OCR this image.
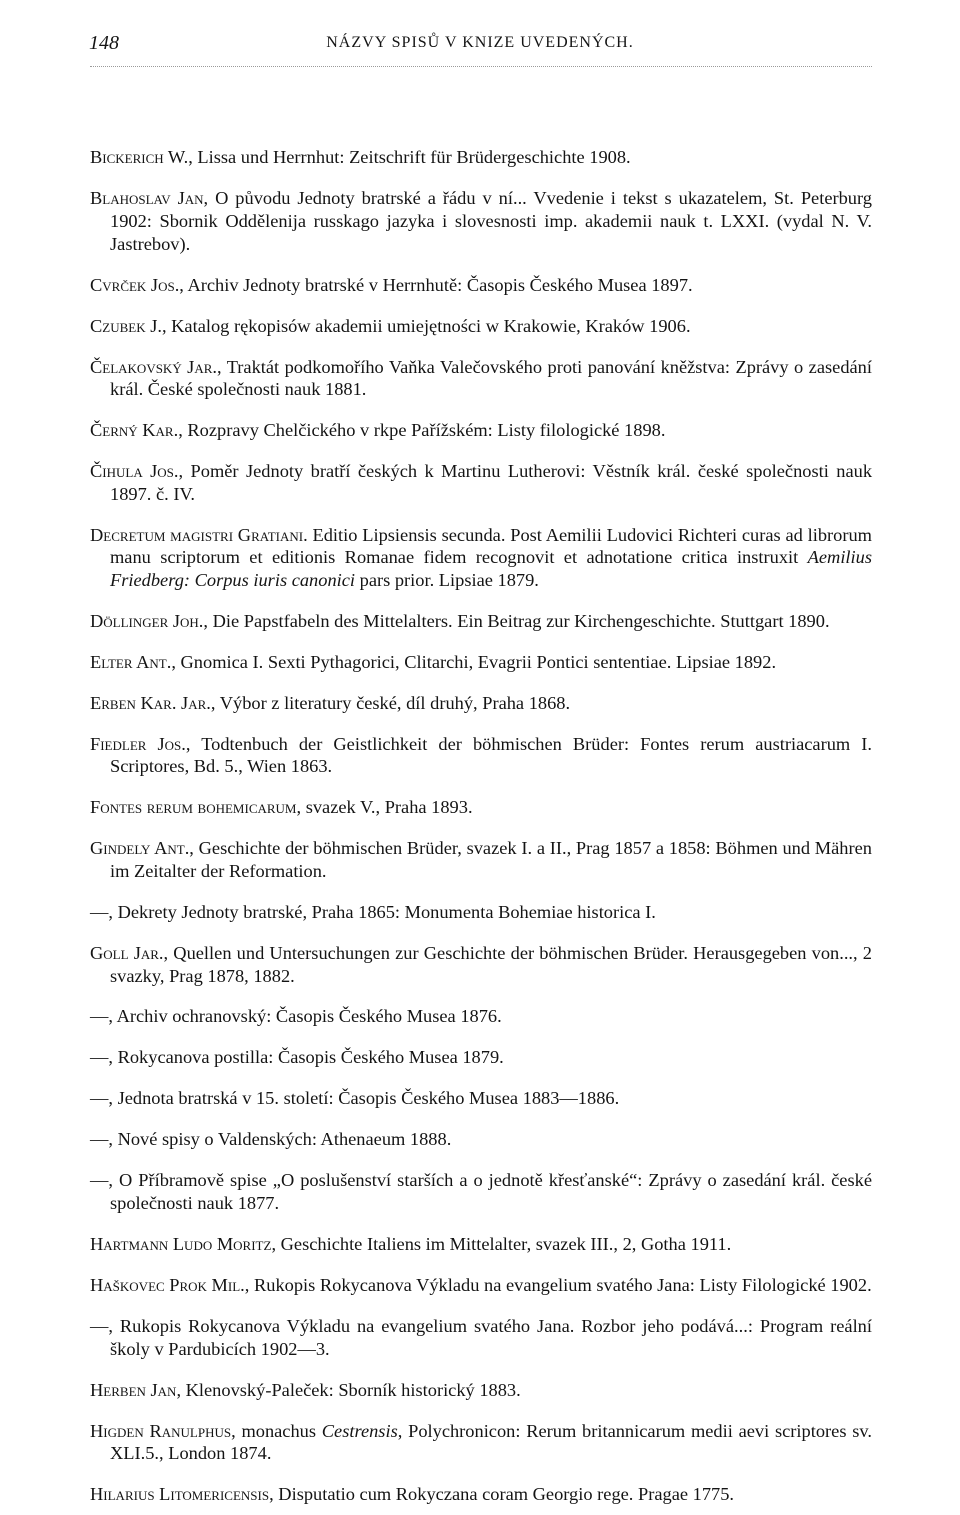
148	NÁZVY SPISŮ V KNIZE UVEDENÝCH.

Bickerich W., Lissa und Herrnhut: Zeitschrift für Brüdergeschichte 1908.

Blahoslav Jan, O původu Jednoty bratrské a řádu v ní... Vvedenie i tekst s ukazatelem, St. Peterburg 1902: Sbornik Oddělenija russkago jazyka i slovesnosti imp. akademii nauk t. LXXI. (vydal N. V. Jastrebov).

Cvrček Jos., Archiv Jednoty bratrské v Herrnhutě: Časopis Českého Musea 1897.

Czubek J., Katalog rękopisów akademii umiejętności w Krakowie, Kraków 1906.

Čelakovský Jar., Traktát podkomořího Vaňka Valečovského proti panování kněžstva: Zprávy o zasedání král. České společnosti nauk 1881.

Černý Kar., Rozpravy Chelčického v rkpe Pařížském: Listy filologické 1898.

Čihula Jos., Poměr Jednoty bratří českých k Martinu Lutherovi: Věstník král. české společnosti nauk 1897. č. IV.

Decretum magistri Gratiani. Editio Lipsiensis secunda. Post Aemilii Ludovici Richteri curas ad librorum manu scriptorum et editionis Romanae fidem recognovit et adnotatione critica instruxit Aemilius Friedberg: Corpus iuris canonici pars prior. Lipsiae 1879.

Döllinger Joh., Die Papstfabeln des Mittelalters. Ein Beitrag zur Kirchengeschichte. Stuttgart 1890.

Elter Ant., Gnomica I. Sexti Pythagorici, Clitarchi, Evagrii Pontici sententiae. Lipsiae 1892.

Erben Kar. Jar., Výbor z literatury české, díl druhý, Praha 1868.

Fiedler Jos., Todtenbuch der Geistlichkeit der böhmischen Brüder: Fontes rerum austriacarum I. Scriptores, Bd. 5., Wien 1863.

Fontes rerum bohemicarum, svazek V., Praha 1893.

Gindely Ant., Geschichte der böhmischen Brüder, svazek I. a II., Prag 1857 a 1858: Böhmen und Mähren im Zeitalter der Reformation.

—, Dekrety Jednoty bratrské, Praha 1865: Monumenta Bohemiae historica I.

Goll Jar., Quellen und Untersuchungen zur Geschichte der böhmischen Brüder. Herausgegeben von..., 2 svazky, Prag 1878, 1882.

—, Archiv ochranovský: Časopis Českého Musea 1876.

—, Rokycanova postilla: Časopis Českého Musea 1879.

—, Jednota bratrská v 15. století: Časopis Českého Musea 1883—1886.

—, Nové spisy o Valdenských: Athenaeum 1888.

—, O Příbramově spise „O poslušenství starších a o jednotě křesťanské“: Zprávy o zasedání král. české společnosti nauk 1877.

Hartmann Ludo Moritz, Geschichte Italiens im Mittelalter, svazek III., 2, Gotha 1911.

Haškovec Prok Mil., Rukopis Rokycanova Výkladu na evangelium svatého Jana: Listy Filologické 1902.

—, Rukopis Rokycanova Výkladu na evangelium svatého Jana. Rozbor jeho podává...: Program reální školy v Pardubicích 1902—3.

Herben Jan, Klenovský-Paleček: Sborník historický 1883.

Higden Ranulphus, monachus Cestrensis, Polychronicon: Rerum britannicarum medii aevi scriptores sv. XLI.5., London 1874.

Hilarius Litomericensis, Disputatio cum Rokyczana coram Georgio rege. Pragae 1775.
